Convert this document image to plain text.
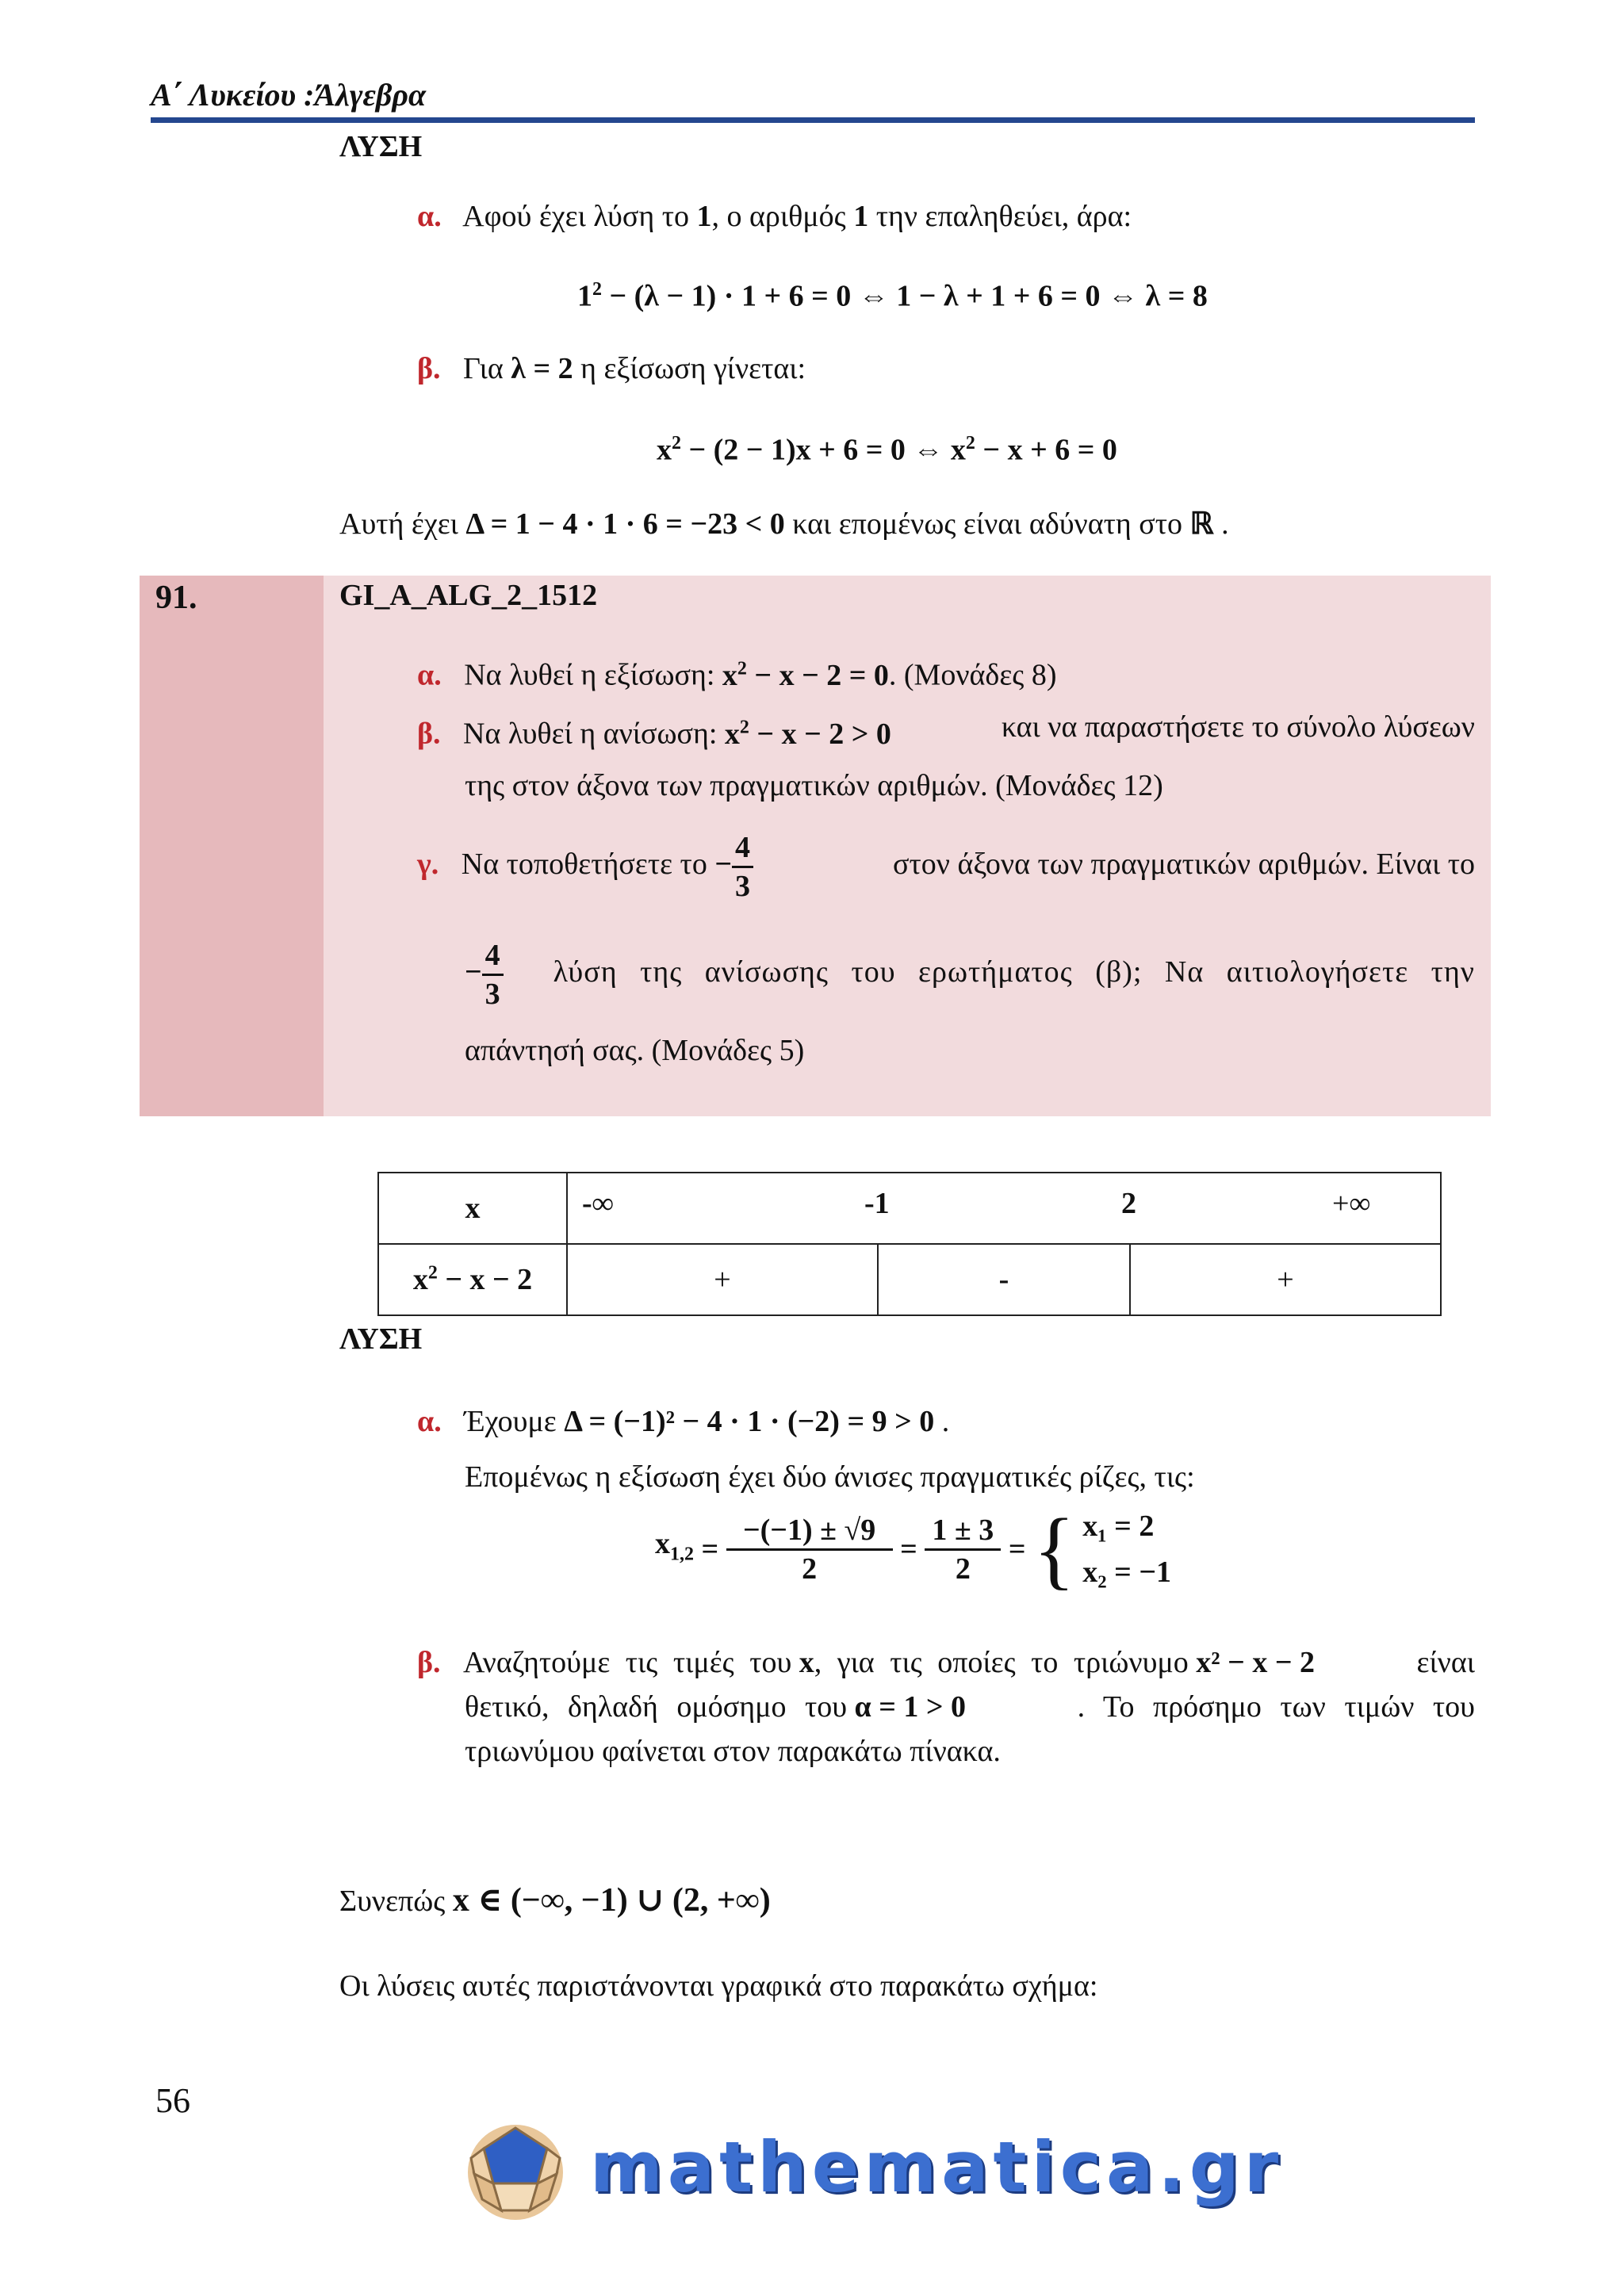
Α΄ Λυκείου :Άλγεβρα
ΛΥΣΗ
α. Αφού έχει λύση το 1, ο αριθμός 1 την επαληθεύει, άρα:
$1^2 - (\lambda - 1) \cdot 1 + 6 = 0$ ⇔ 1 − λ + 1 + 6 = 0 ⇔ λ = 8
β. Για λ = 2 η εξίσωση γίνεται:
$x^2 - (2 - 1)x + 6 = 0$ ⇔ $x^2 - x + 6 = 0$
Αυτή έχει Δ = 1 − 4 · 1 · 6 = −23 < 0 και επομένως είναι αδύνατη στο ℝ .
91.	GI_A_ALG_2_1512
α. Να λυθεί η εξίσωση: $x^2 - x - 2 = 0$. (Μονάδες 8)
β. Να λυθεί η ανίσωση: $x^2 - x - 2 > 0$	και να παραστήσετε το σύνολο λύσεων
της στον άξονα των πραγματικών αριθμών. (Μονάδες 12)
γ. Να τοποθετήσετε $\tau o - \frac{4}{3}$	στον άξονα των πραγματικών αριθμών. Είναι το
− $\frac{4}{3}$ λύση της ανίσωσης του ερωτήματος (β); Να αιτιολογήσετε την
απάντησή σας. (Μονάδες 5)
x	-∞ -1 2 +∞		

$x^2 - x - 2$	+	-	+
ΛΥΣΗ
α. Έχουμε Δ = (−1)² − 4 · 1 · (−2) = 9 > 0 .
Επομένως η εξίσωση έχει δύο άνισες πραγματικές ρίζες, τις:
$x_{1,2} = \frac{-(-1) \pm √9}{2} = \frac{1 \pm 3}{2}$ = { x₁ = 2
x₂ = −1
β. Αναζητούμε τις τιμές του x, για τις οποίες το τριώνυμο x² − x − 2	είναι
θετικό, δηλαδή ομόσημο του α = 1 > 0	. Το πρόσημο των τιμών του
τριωνύμου φαίνεται στον παρακάτω πίνακα.
Συνεπώς x ∈ (−∞, −1) ∪ (2, +∞)
Οι λύσεις αυτές παριστάνονται γραφικά στο παρακάτω σχήμα:
56
mathematica.gr
